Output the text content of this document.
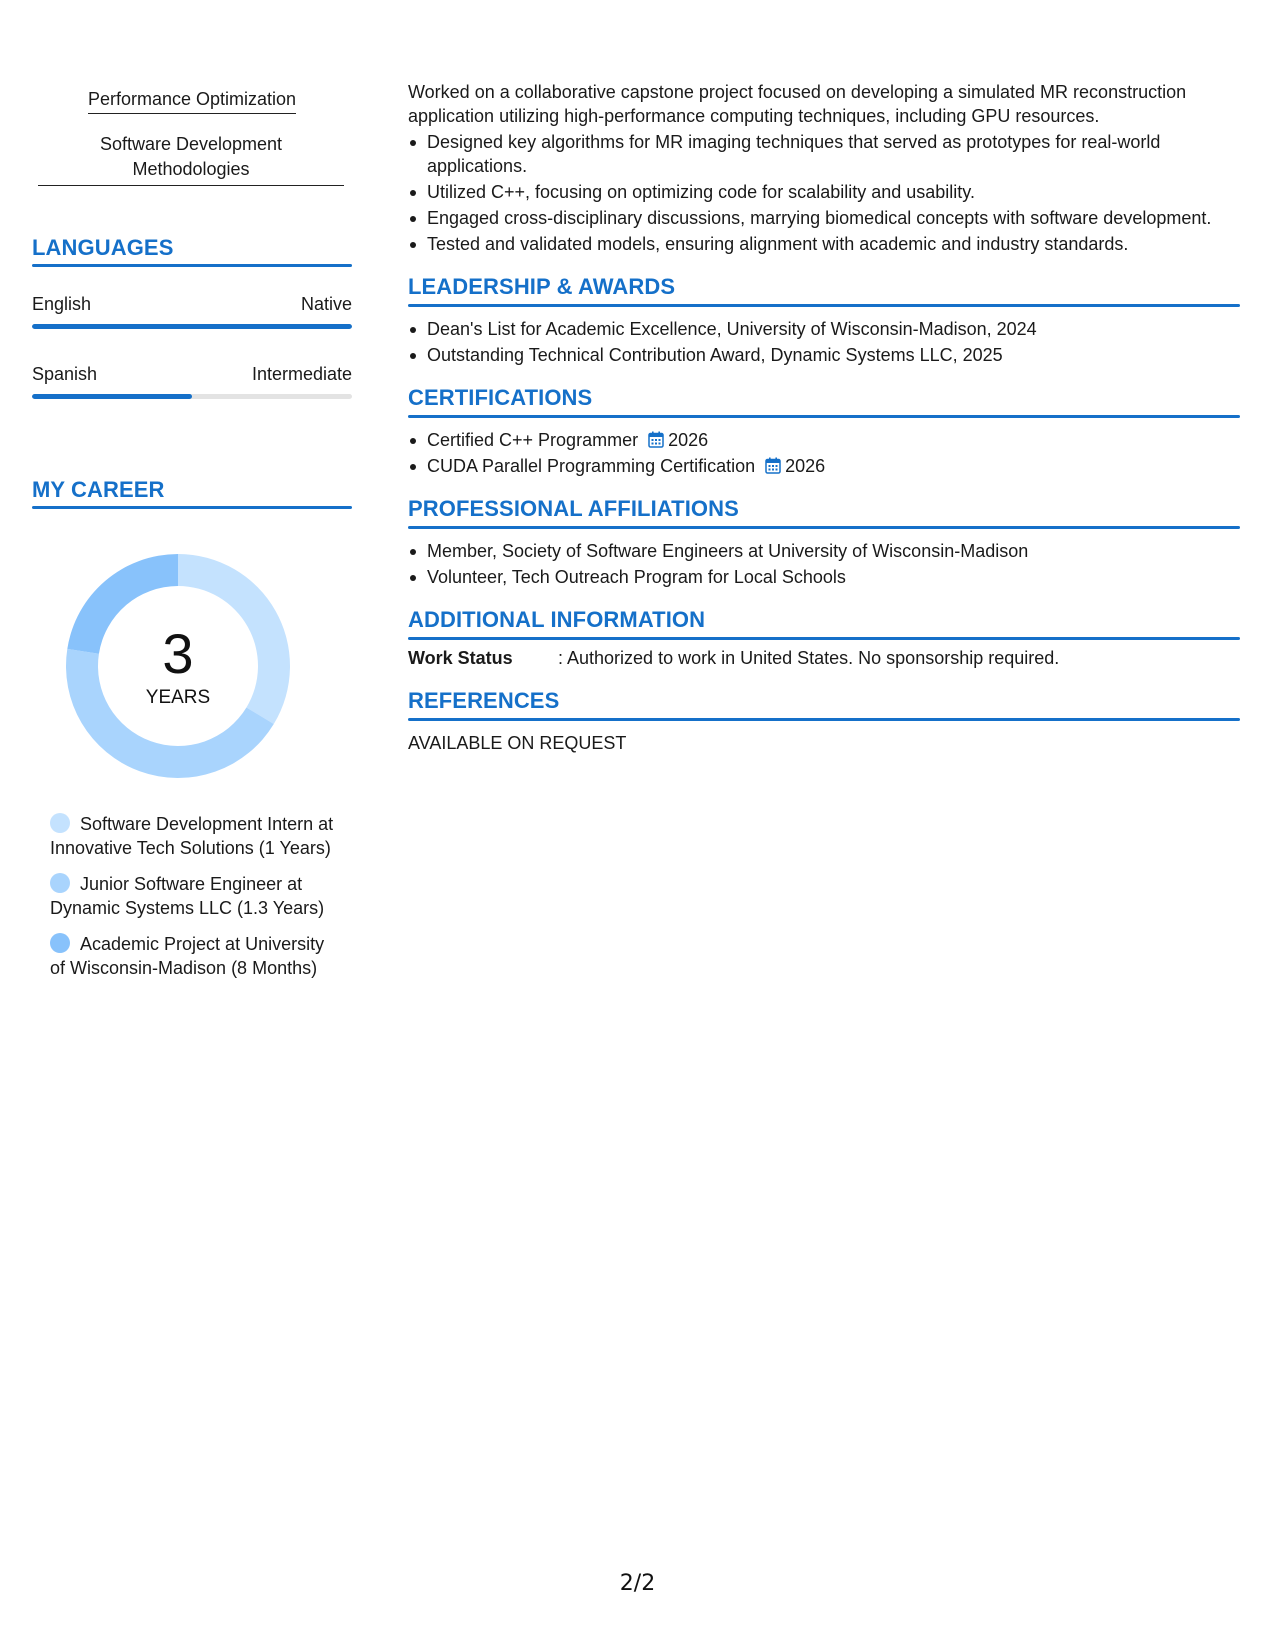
Performance Optimization
Software Development Methodologies
LANGUAGES
English	Native
Spanish	Intermediate
MY CAREER
3
YEARS
Software Development Intern at Innovative Tech Solutions (1 Years)
Junior Software Engineer at Dynamic Systems LLC (1.3 Years)
Academic Project at University of Wisconsin-Madison (8 Months)

Worked on a collaborative capstone project focused on developing a simulated MR reconstruction application utilizing high-performance computing techniques, including GPU resources.

Designed key algorithms for MR imaging techniques that served as prototypes for real-world applications.
Utilized C++, focusing on optimizing code for scalability and usability.
Engaged cross-disciplinary discussions, marrying biomedical concepts with software development.
Tested and validated models, ensuring alignment with academic and industry standards.
LEADERSHIP & AWARDS
Dean's List for Academic Excellence, University of Wisconsin-Madison, 2024
Outstanding Technical Contribution Award, Dynamic Systems LLC, 2025
CERTIFICATIONS
Certified C++ Programmer 2026
CUDA Parallel Programming Certification 2026
PROFESSIONAL AFFILIATIONS
Member, Society of Software Engineers at University of Wisconsin-Madison
Volunteer, Tech Outreach Program for Local Schools
ADDITIONAL INFORMATION
Work Status	: Authorized to work in United States. No sponsorship required.
REFERENCES
AVAILABLE ON REQUEST
2/2
